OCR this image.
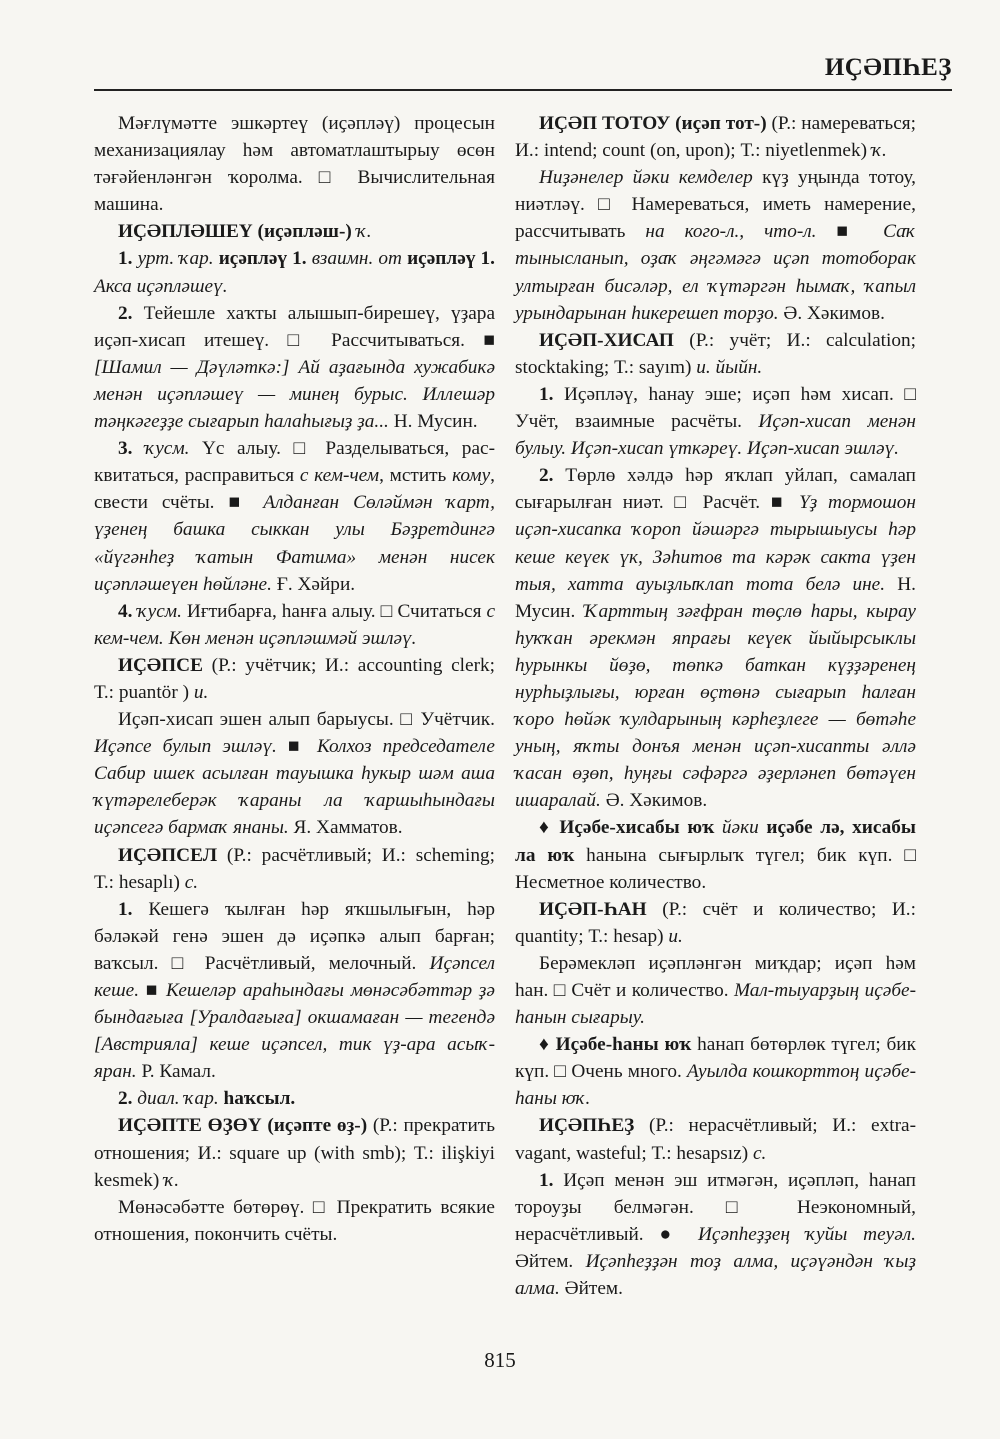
ИҪӘПҺЕҘ

Мәғлүмәтте эшкәртеү (иҫәпләү) процесын механизациялау һәм автоматлаштырыу өсөн тәғәйенләнгән ҡоролма. □ Вычислительная машина.

ИҪӘПЛӘШЕҮ (иҫәпләш-) ҡ.

1. урт. ҡар. иҫәпләү 1. взаимн. от иҫәпләү 1. Акса иҫәпләшеү.

2. Тейешле хаҡты алышып-бирешеү, үҙара иҫәп-хисап итешеү. □ Рассчитываться. ■ [Шамил — Дәүләткә:] Ай аҙағында хужабикә менән иҫәпләшеү — минең бурыс. Иллешәр тәңкәгеҙҙе сығарып һалаһығыҙ ҙа... Н. Мусин.

3. ҡусм. Үс алыу. □ Разделываться, расквитаться, расправиться с кем-чем, мстить кому, свести счёты. ■ Алданған Сөләймән ҡарт, үҙенең башка сыккан улы Бәҙретдингә «йүгәнһеҙ ҡатын Фатима» менән нисек иҫәпләшеүен һөйләне. Ғ. Хәйри.

4. ҡусм. Иғтибарға, һанға алыу. □ Считаться с кем-чем. Көн менән иҫәпләшмәй эшләү.

ИҪӘПСЕ (Р.: учётчик; И.: accounting clerk; Т.: puantör ) и.

Иҫәп-хисап эшен алып барыусы. □ Учётчик. Иҫәпсе булып эшләү. ■ Колхоз председателе Сабир ишек асылған тауышка һукыр шәм аша ҡүтәрелеберәк ҡараны ла ҡаршыһындағы иҫәпсегә бармаҡ янаны. Я. Хамматов.

ИҪӘПСЕЛ (Р.: расчётливый; И.: scheming; Т.: hesaplı) с.

1. Кешегә ҡылған һәр яҡшылығын, һәр бәләкәй генә эшен дә иҫәпкә алып барған; ваҡсыл. □ Расчётливый, мелочный. Иҫәпсел кеше. ■ Кешеләр араһындағы мөнәсәбәттәр ҙә бындағыға [Уралдағыға] окшамаған — тегендә [Австрияла] кеше иҫәпсел, тик үҙ-ара асыҡ-яран. Р. Камал.

2. диал. ҡар. һаҡсыл.

ИҪӘПТЕ ӨҘӨҮ (иҫәпте өҙ-) (Р.: прекратить отношения; И.: square up (with smb); Т.: ilişkiyi kesmek) ҡ.

Мөнәсәбәтте бөтөрөү. □ Прекратить всякие отношения, покончить счёты.

ИҪӘП ТОТОУ (иҫәп тот-) (Р.: намереваться; И.: intend; count (on, upon); Т.: niyetlenmek) ҡ.

Ниҙәнелер йәки кемделер күҙ уңында тотоу, ниәтләү. □ Намереваться, иметь намерение, рассчитывать на кого-л., что-л. ■ Саҡ тынысланып, оҙаҡ әңгәмәгә иҫәп тотоборак ултырған бисәләр, ел ҡүтәргән һымаҡ, ҡапыл урындарынан һикерешеп торҙо. Ә. Хәкимов.

ИҪӘП-ХИСАП (Р.: учёт; И.: calculation; stocktaking; Т.: sayım) и. йыйн.

1. Иҫәпләү, һанау эше; иҫәп һәм хисап. □ Учёт, взаимные расчёты. Иҫәп-хисап менән булыу. Иҫәп-хисап үткәреү. Иҫәп-хисап эшләү.

2. Төрлө хәлдә һәр яҡлап уйлап, самалап сығарылған ниәт. □ Расчёт. ■ Үҙ тормошон иҫәп-хисапка ҡороп йәшәргә тырышыусы һәр кеше кеүек үк, Зәһитов та кәрәк сакта үҙен тыя, хатта ауыҙлыҡлап тота белә ине. Н. Мусин. Ҡарттың зәғфран төҫлө һары, кырау һуҡҡан әрекмән япрағы кеүек йыйырсыклы һурынкы йөҙө, төпкә баткан күҙҙәренең нурһыҙлығы, юрған өҫтөнә сығарып һалған ҡоро һөйәк ҡулдарының кәрһеҙлеге — бөтәһе уның, яҡты донъя менән иҫәп-хисапты әллә ҡасан өҙөп, һуңғы сәфәргә әҙерләнеп бөтәүен ишаралай. Ә. Хәкимов.

♦ Иҫәбе-хисабы юҡ йәки иҫәбе лә, хисабы ла юҡ һанына сығырлыҡ түгел; бик күп. □ Несметное количество.

ИҪӘП-ҺАН (Р.: счёт и количество; И.: quantity; Т.: hesap) и.

Берәмекләп иҫәпләнгән миҡдар; иҫәп һәм һан. □ Счёт и количество. Мал-тыуарҙың иҫәбе-һанын сығарыу.

♦ Иҫәбе-һаны юҡ һанап бөтөрлөк түгел; бик күп. □ Очень много. Ауылда кошкорттоң иҫәбе-һаны юҡ.

ИҪӘПҺЕҘ (Р.: нерасчётливый; И.: extravagant, wasteful; Т.: hesapsız) с.

1. Иҫәп менән эш итмәгән, иҫәпләп, һанап тороуҙы белмәгән. □ Неэкономный, нерасчётливый. ● Иҫәпһеҙҙең ҡуйы теуәл. Әйтем. Иҫәпһеҙҙән тоҙ алма, иҫәүәндән ҡыҙ алма. Әйтем.

815
